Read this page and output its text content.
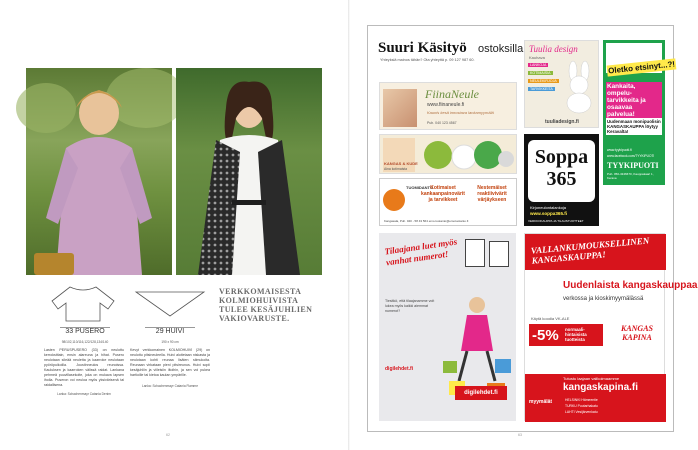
VERKKOMAISESTA
KOLMIOHUIVISTA
TULEE KESÄJUHLIEN
VAKIOVARUSTE.
33 PUSERO
98/102,110/116,122/128,134/140
Lasten PERUSPUSERO (33) on neulottu kerroksittain, ensin alareuna ja hihat. Pusero neulotaan sileää neuletta ja kaarroke neulotaan pyöröpuikoilla. Joustinneulos reunoissa. Kauluksen ja kaarroken välissä raidat. Lankana pehmeä puuvillasekoite, joka on mukava lapsen iholla. Puseron voi neuloa myös yksivärisenä tai raidallisena.
Lanka: Schachenmayr Catania Denim
29 HUIVI
190 x 90 cm
Kevyt verkkomainen KOLMIOHUIVI (29) on neulottu pitsineuleella. Huivi aloitetaan niskasta ja neulotaan kohti reunaa lisäten silmukoita. Reunaan virkataan pieni pitsireunus. Huivi sopii kesäjuhliin ja viileisiin iltoihin, ja sen voi pukea hartioille tai kietoa kaulan ympärille.
Lanka: Schachenmayr Catania Flamme
62
Suuri Käsityö ostoksilla
Yhteyksiä mainos tähän? Ota yhteyttä p. 09 127 987 60.
FiinaNeule
www.fiinaneule.fi
Kaunis kesä innostava lankamyymälä
Puh. 040 123 4567
Tuulia design
Kauhava
LANKOJA
KOTIMAISIA
NEULEKIRJOJA
TARVIKKEITA
tuuliadesign.fi
Oletko etsinyt...?!
Kankaita, ompelu-tarvikkeita ja osaavaa palvelua!
Uudenmaan monipuolisin KANGASKAUPPA löytyy Keravalta!
www.tyykipuoti.fi
www.facebook.com/TYYKIPUOTI
TYYKIPUOTI
Puh. 050-4346670, Kauppakaari 1, Kerava
KANGAS & KUDE
Aina kotimaista
Soppa 365
Kirjoneulontalankoja
www.soppa365.fi
VERKKOKAUPPA JA TILAUSTUOTTEET
TUOMIDANTU
Kotimaiset kankaanpainovärit ja tarvikkeet
Nestemäiset reaktiivivärit värjäykseen
Kangasala, Puh. 040 - 58 43 564 emo.tuotanto@emotuotanto.fi
Tilaajana luet myös vanhat numerot!
Tiesitkö, että tilaajanamme voit lukea myös kaikki aiemmat numerot?
digilehdet.fi
digilehdet.fi
VALLANKUMOUKSELLINEN KANGASKAUPPA!
Uudenlaista kangaskauppaa
verkossa ja kioskimyymälässä
Käytä koodia VK-ALE
-5% normaali-hintaisista tuotteista
KANGAS KAPINA
Tutustu laajaan valikoimaamme
kangaskapina.fi
myymälät	HELSINKI Hämeentie
TURKU Puutarhakatu
LAHTI Vesijärvenkatu
63
